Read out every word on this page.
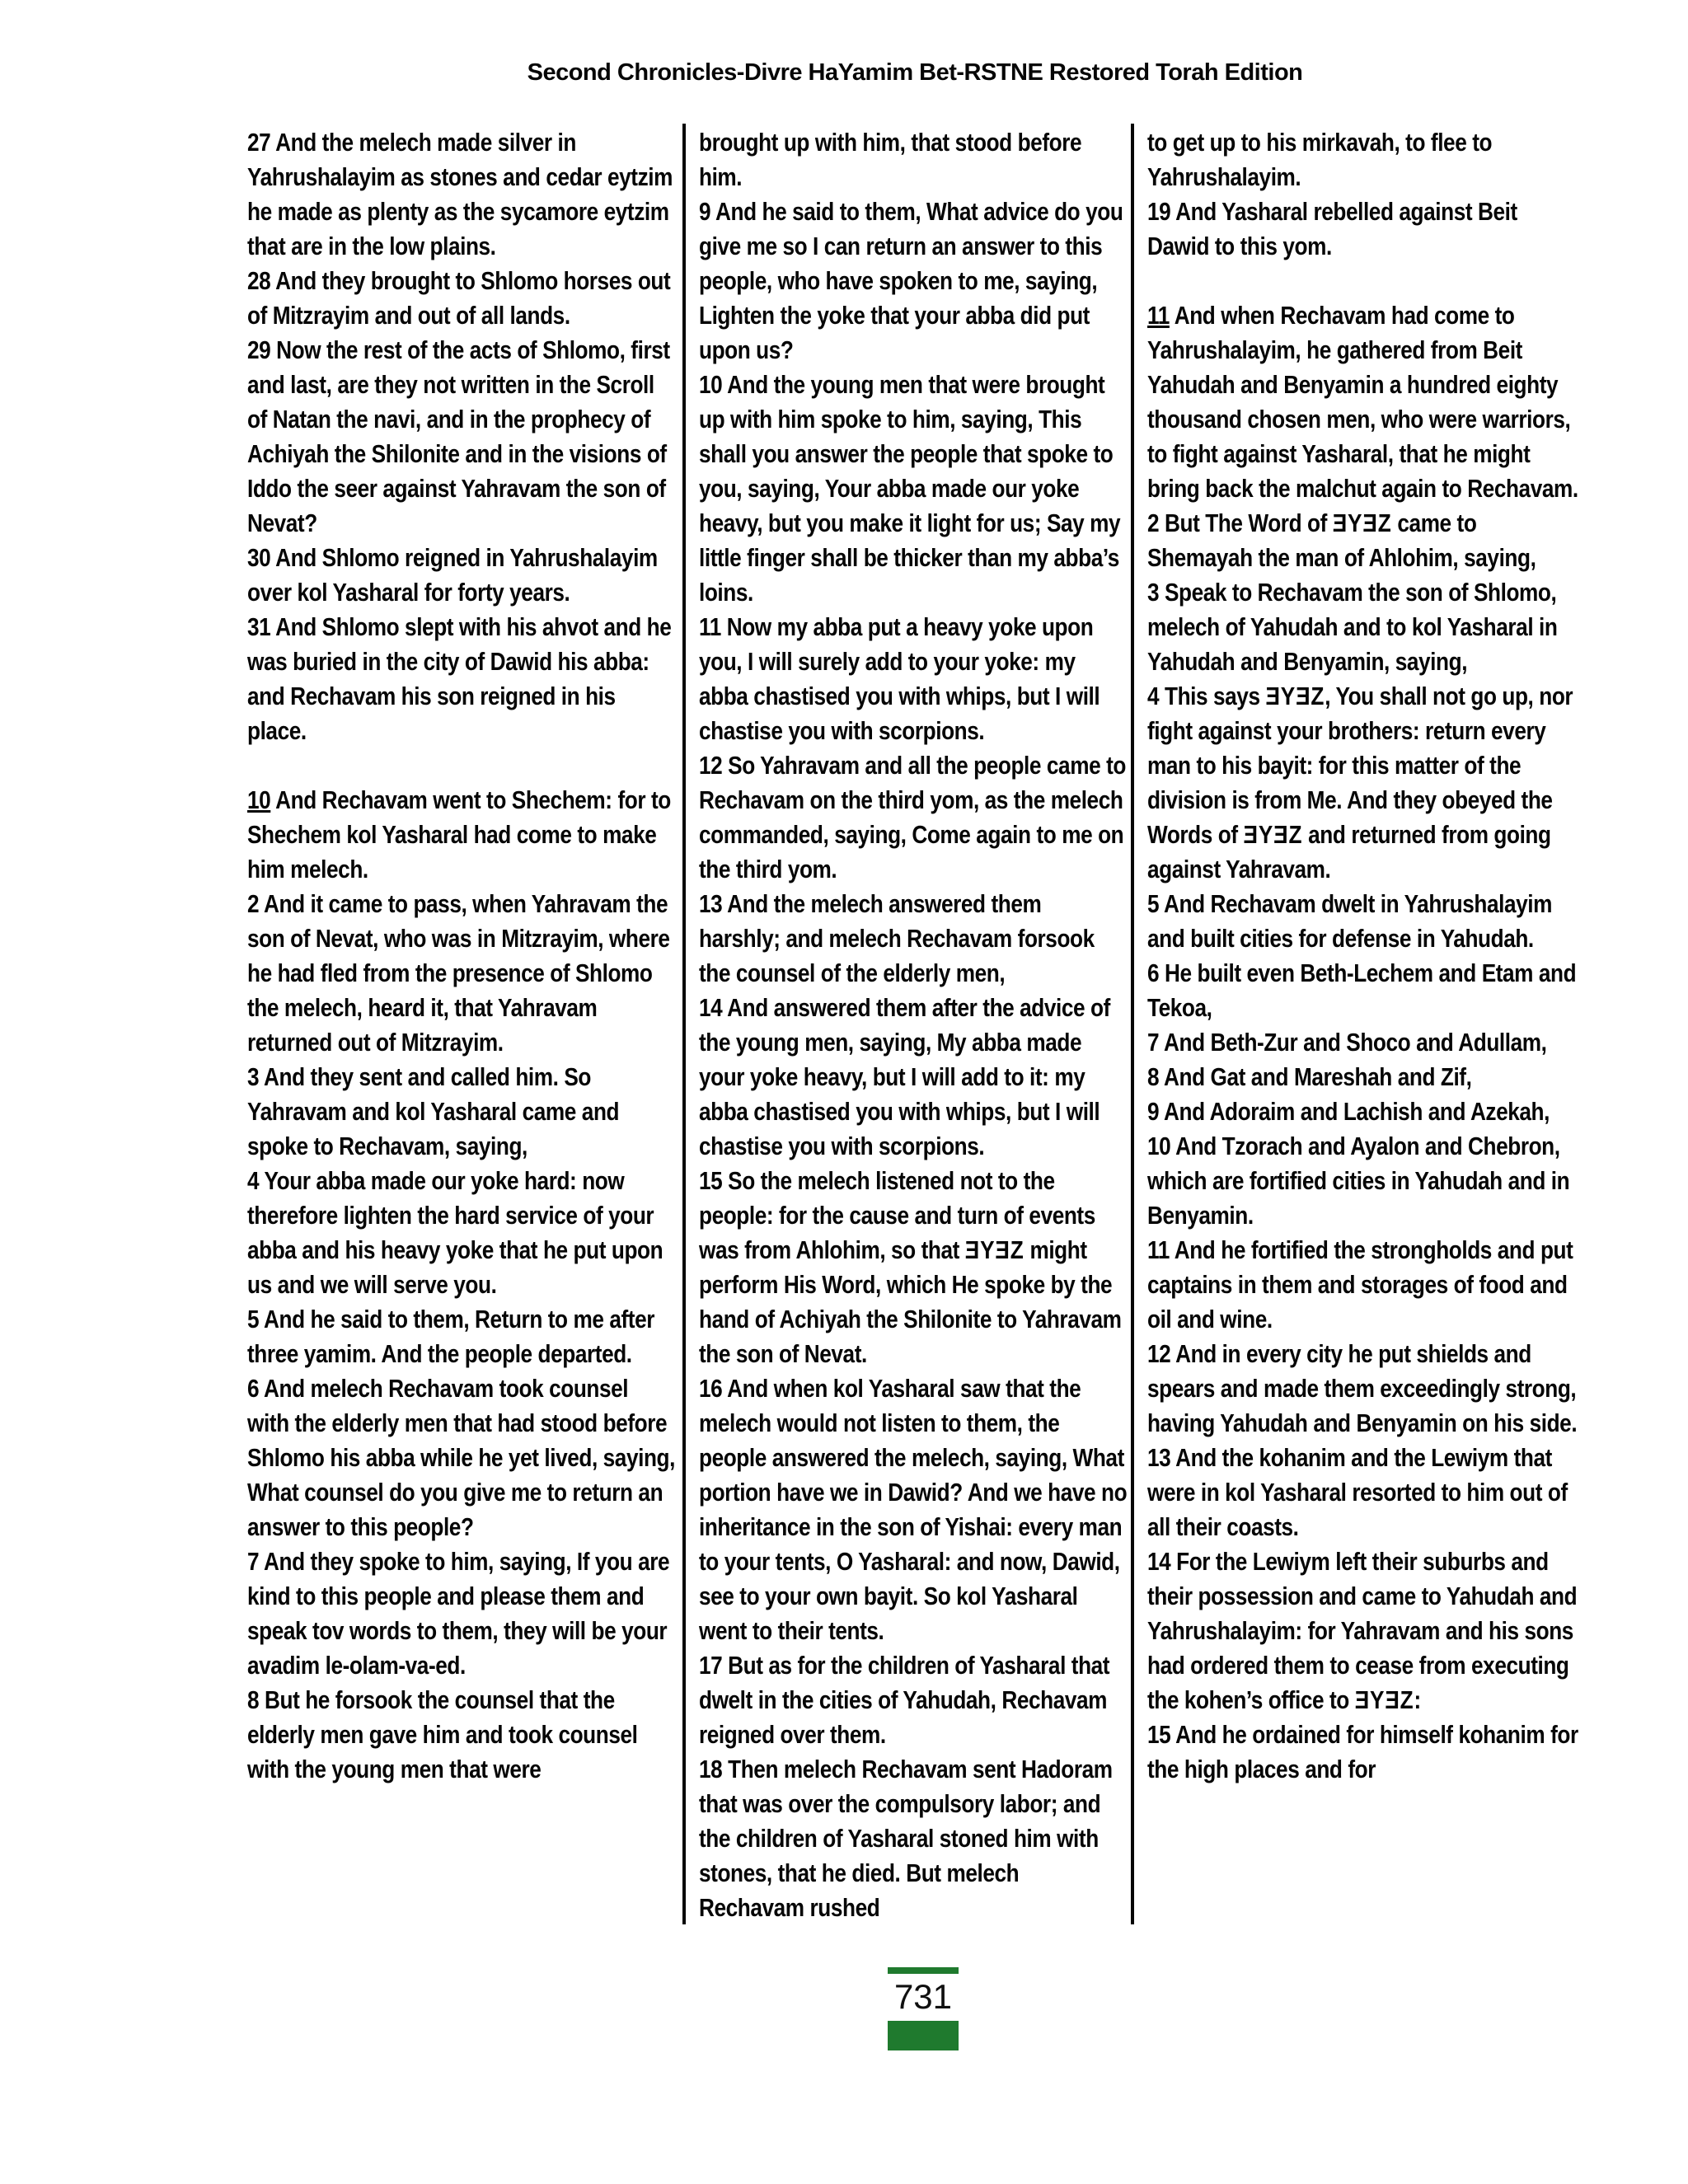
Second Chronicles-Divre HaYamim Bet-RSTNE Restored Torah Edition

27 And the melech made silver in Yahrushalayim as stones and cedar eytzim he made as plenty as the sycamore eytzim that are in the low plains.

28 And they brought to Shlomo horses out of Mitzrayim and out of all lands.

29 Now the rest of the acts of Shlomo, first and last, are they not written in the Scroll of Natan the navi, and in the prophecy of Achiyah the Shilonite and in the visions of Iddo the seer against Yahravam the son of Nevat?

30 And Shlomo reigned in Yahrushalayim over kol Yasharal for forty years.

31 And Shlomo slept with his ahvot and he was buried in the city of Dawid his abba: and Rechavam his son reigned in his place.

10 And Rechavam went to Shechem: for to Shechem kol Yasharal had come to make him melech.

2 And it came to pass, when Yahravam the son of Nevat, who was in Mitzrayim, where he had fled from the presence of Shlomo the melech, heard it, that Yahravam returned out of Mitzrayim.

3 And they sent and called him. So Yahravam and kol Yasharal came and spoke to Rechavam, saying,

4 Your abba made our yoke hard: now therefore lighten the hard service of your abba and his heavy yoke that he put upon us and we will serve you.

5 And he said to them, Return to me after three yamim. And the people departed.

6 And melech Rechavam took counsel with the elderly men that had stood before Shlomo his abba while he yet lived, saying, What counsel do you give me to return an answer to this people?

7 And they spoke to him, saying, If you are kind to this people and please them and speak tov words to them, they will be your avadim le-olam-va-ed.

8 But he forsook the counsel that the elderly men gave him and took counsel with the young men that were

brought up with him, that stood before him.

9 And he said to them, What advice do you give me so I can return an answer to this people, who have spoken to me, saying, Lighten the yoke that your abba did put upon us?

10 And the young men that were brought up with him spoke to him, saying, This shall you answer the people that spoke to you, saying, Your abba made our yoke heavy, but you make it light for us; Say my little finger shall be thicker than my abba’s loins.

11 Now my abba put a heavy yoke upon you, I will surely add to your yoke: my abba chastised you with whips, but I will chastise you with scorpions.

12 So Yahravam and all the people came to Rechavam on the third yom, as the melech commanded, saying, Come again to me on the third yom.

13 And the melech answered them harshly; and melech Rechavam forsook the counsel of the elderly men,

14 And answered them after the advice of the young men, saying, My abba made your yoke heavy, but I will add to it: my abba chastised you with whips, but I will chastise you with scorpions.

15 So the melech listened not to the people: for the cause and turn of events was from Ahlohim, so that ƎYƎZ might perform His Word, which He spoke by the hand of Achiyah the Shilonite to Yahravam the son of Nevat.

16 And when kol Yasharal saw that the melech would not listen to them, the people answered the melech, saying, What portion have we in Dawid? And we have no inheritance in the son of Yishai: every man to your tents, O Yasharal: and now, Dawid, see to your own bayit. So kol Yasharal went to their tents.

17 But as for the children of Yasharal that dwelt in the cities of Yahudah, Rechavam reigned over them.

18 Then melech Rechavam sent Hadoram that was over the compulsory labor; and the children of Yasharal stoned him with stones, that he died. But melech Rechavam rushed

to get up to his mirkavah, to flee to Yahrushalayim.

19 And Yasharal rebelled against Beit Dawid to this yom.

11 And when Rechavam had come to Yahrushalayim, he gathered from Beit Yahudah and Benyamin a hundred eighty thousand chosen men, who were warriors, to fight against Yasharal, that he might bring back the malchut again to Rechavam.

2 But The Word of ƎYƎZ came to Shemayah the man of Ahlohim, saying,

3 Speak to Rechavam the son of Shlomo, melech of Yahudah and to kol Yasharal in Yahudah and Benyamin, saying,

4 This says ƎYƎZ, You shall not go up, nor fight against your brothers: return every man to his bayit: for this matter of the division is from Me. And they obeyed the Words of ƎYƎZ and returned from going against Yahravam.

5 And Rechavam dwelt in Yahrushalayim and built cities for defense in Yahudah.

6 He built even Beth-Lechem and Etam and Tekoa,

7 And Beth-Zur and Shoco and Adullam,

8 And Gat and Mareshah and Zif,

9 And Adoraim and Lachish and Azekah,

10 And Tzorach and Ayalon and Chebron, which are fortified cities in Yahudah and in Benyamin.

11 And he fortified the strongholds and put captains in them and storages of food and oil and wine.

12 And in every city he put shields and spears and made them exceedingly strong, having Yahudah and Benyamin on his side.

13 And the kohanim and the Lewiym that were in kol Yasharal resorted to him out of all their coasts.

14 For the Lewiym left their suburbs and their possession and came to Yahudah and Yahrushalayim: for Yahravam and his sons had ordered them to cease from executing the kohen’s office to ƎYƎZ:

15 And he ordained for himself kohanim for the high places and for

731
